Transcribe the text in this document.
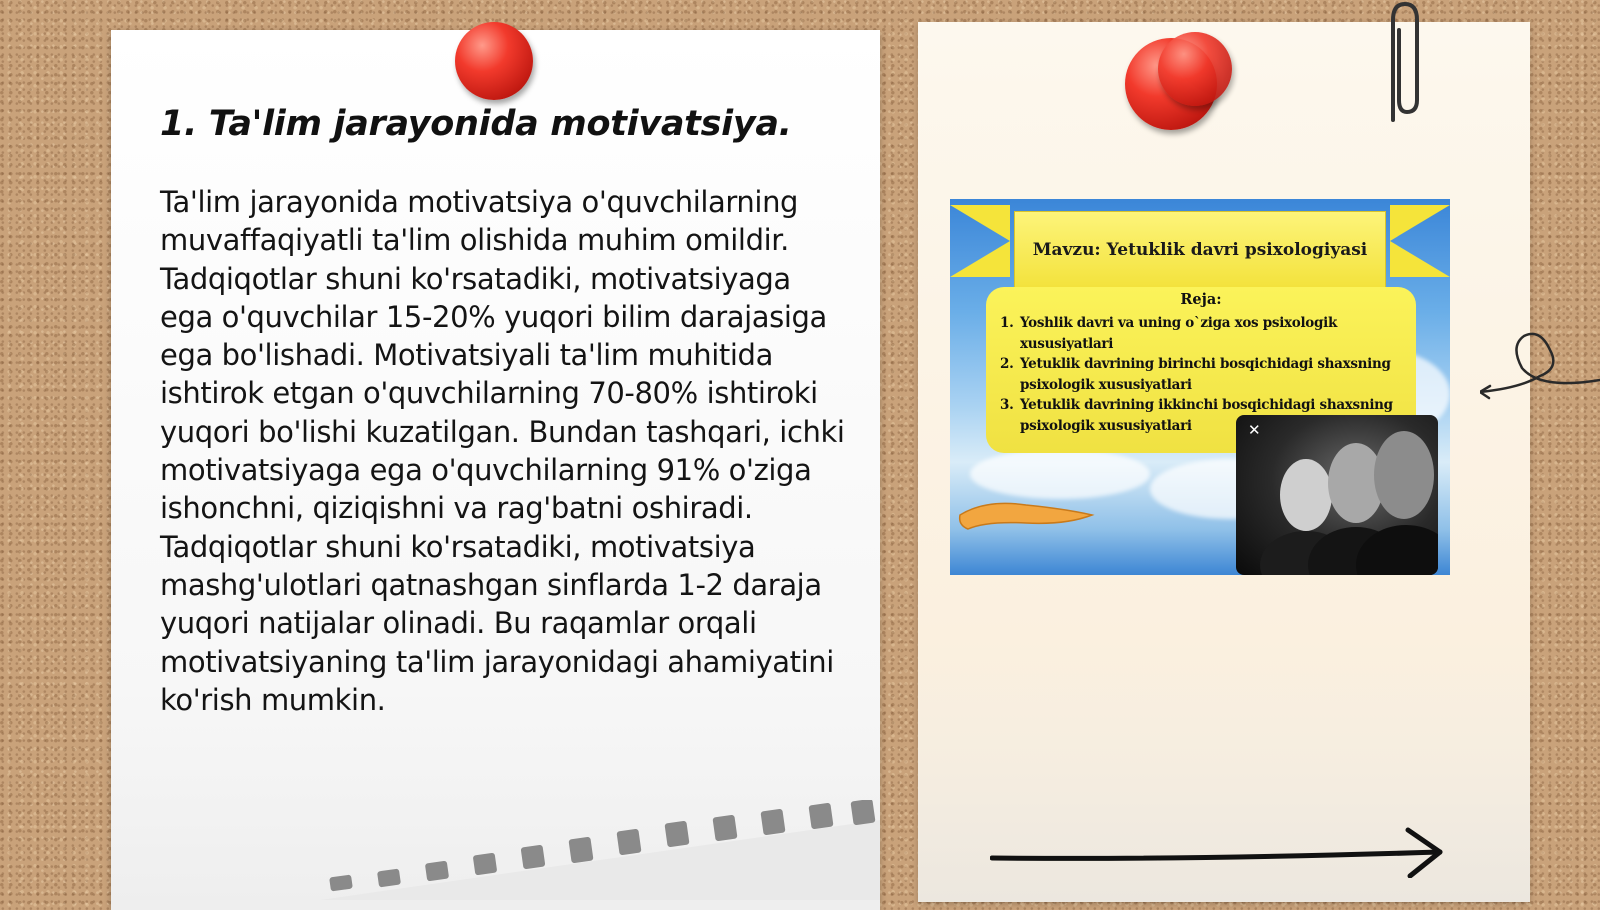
1. Ta'lim jarayonida motivatsiya.

Ta'lim jarayonida motivatsiya o'quvchilarning muvaffaqiyatli ta'lim olishida muhim omildir. Tadqiqotlar shuni ko'rsatadiki, motivatsiyaga ega o'quvchilar 15-20% yuqori bilim darajasiga ega bo'lishadi. Motivatsiyali ta'lim muhitida ishtirok etgan o'quvchilarning 70-80% ishtiroki yuqori bo'lishi kuzatilgan. Bundan tashqari, ichki motivatsiyaga ega o'quvchilarning 91% o'ziga ishonchni, qiziqishni va rag'batni oshiradi. Tadqiqotlar shuni ko'rsatadiki, motivatsiya mashg'ulotlari qatnashgan sinflarda 1-2 daraja yuqori natijalar olinadi. Bu raqamlar orqali motivatsiyaning ta'lim jarayonidagi ahamiyatini ko'rish mumkin.

Mavzu: Yetuklik davri psixologiyasi
Reja:
1. Yoshlik davri va uning o`ziga xos psixologik xususiyatlari
2. Yetuklik davrining birinchi bosqichidagi shaxsning psixologik xususiyatlari
3. Yetuklik davrining ikkinchi bosqichidagi shaxsning psixologik xususiyatlari	✕
